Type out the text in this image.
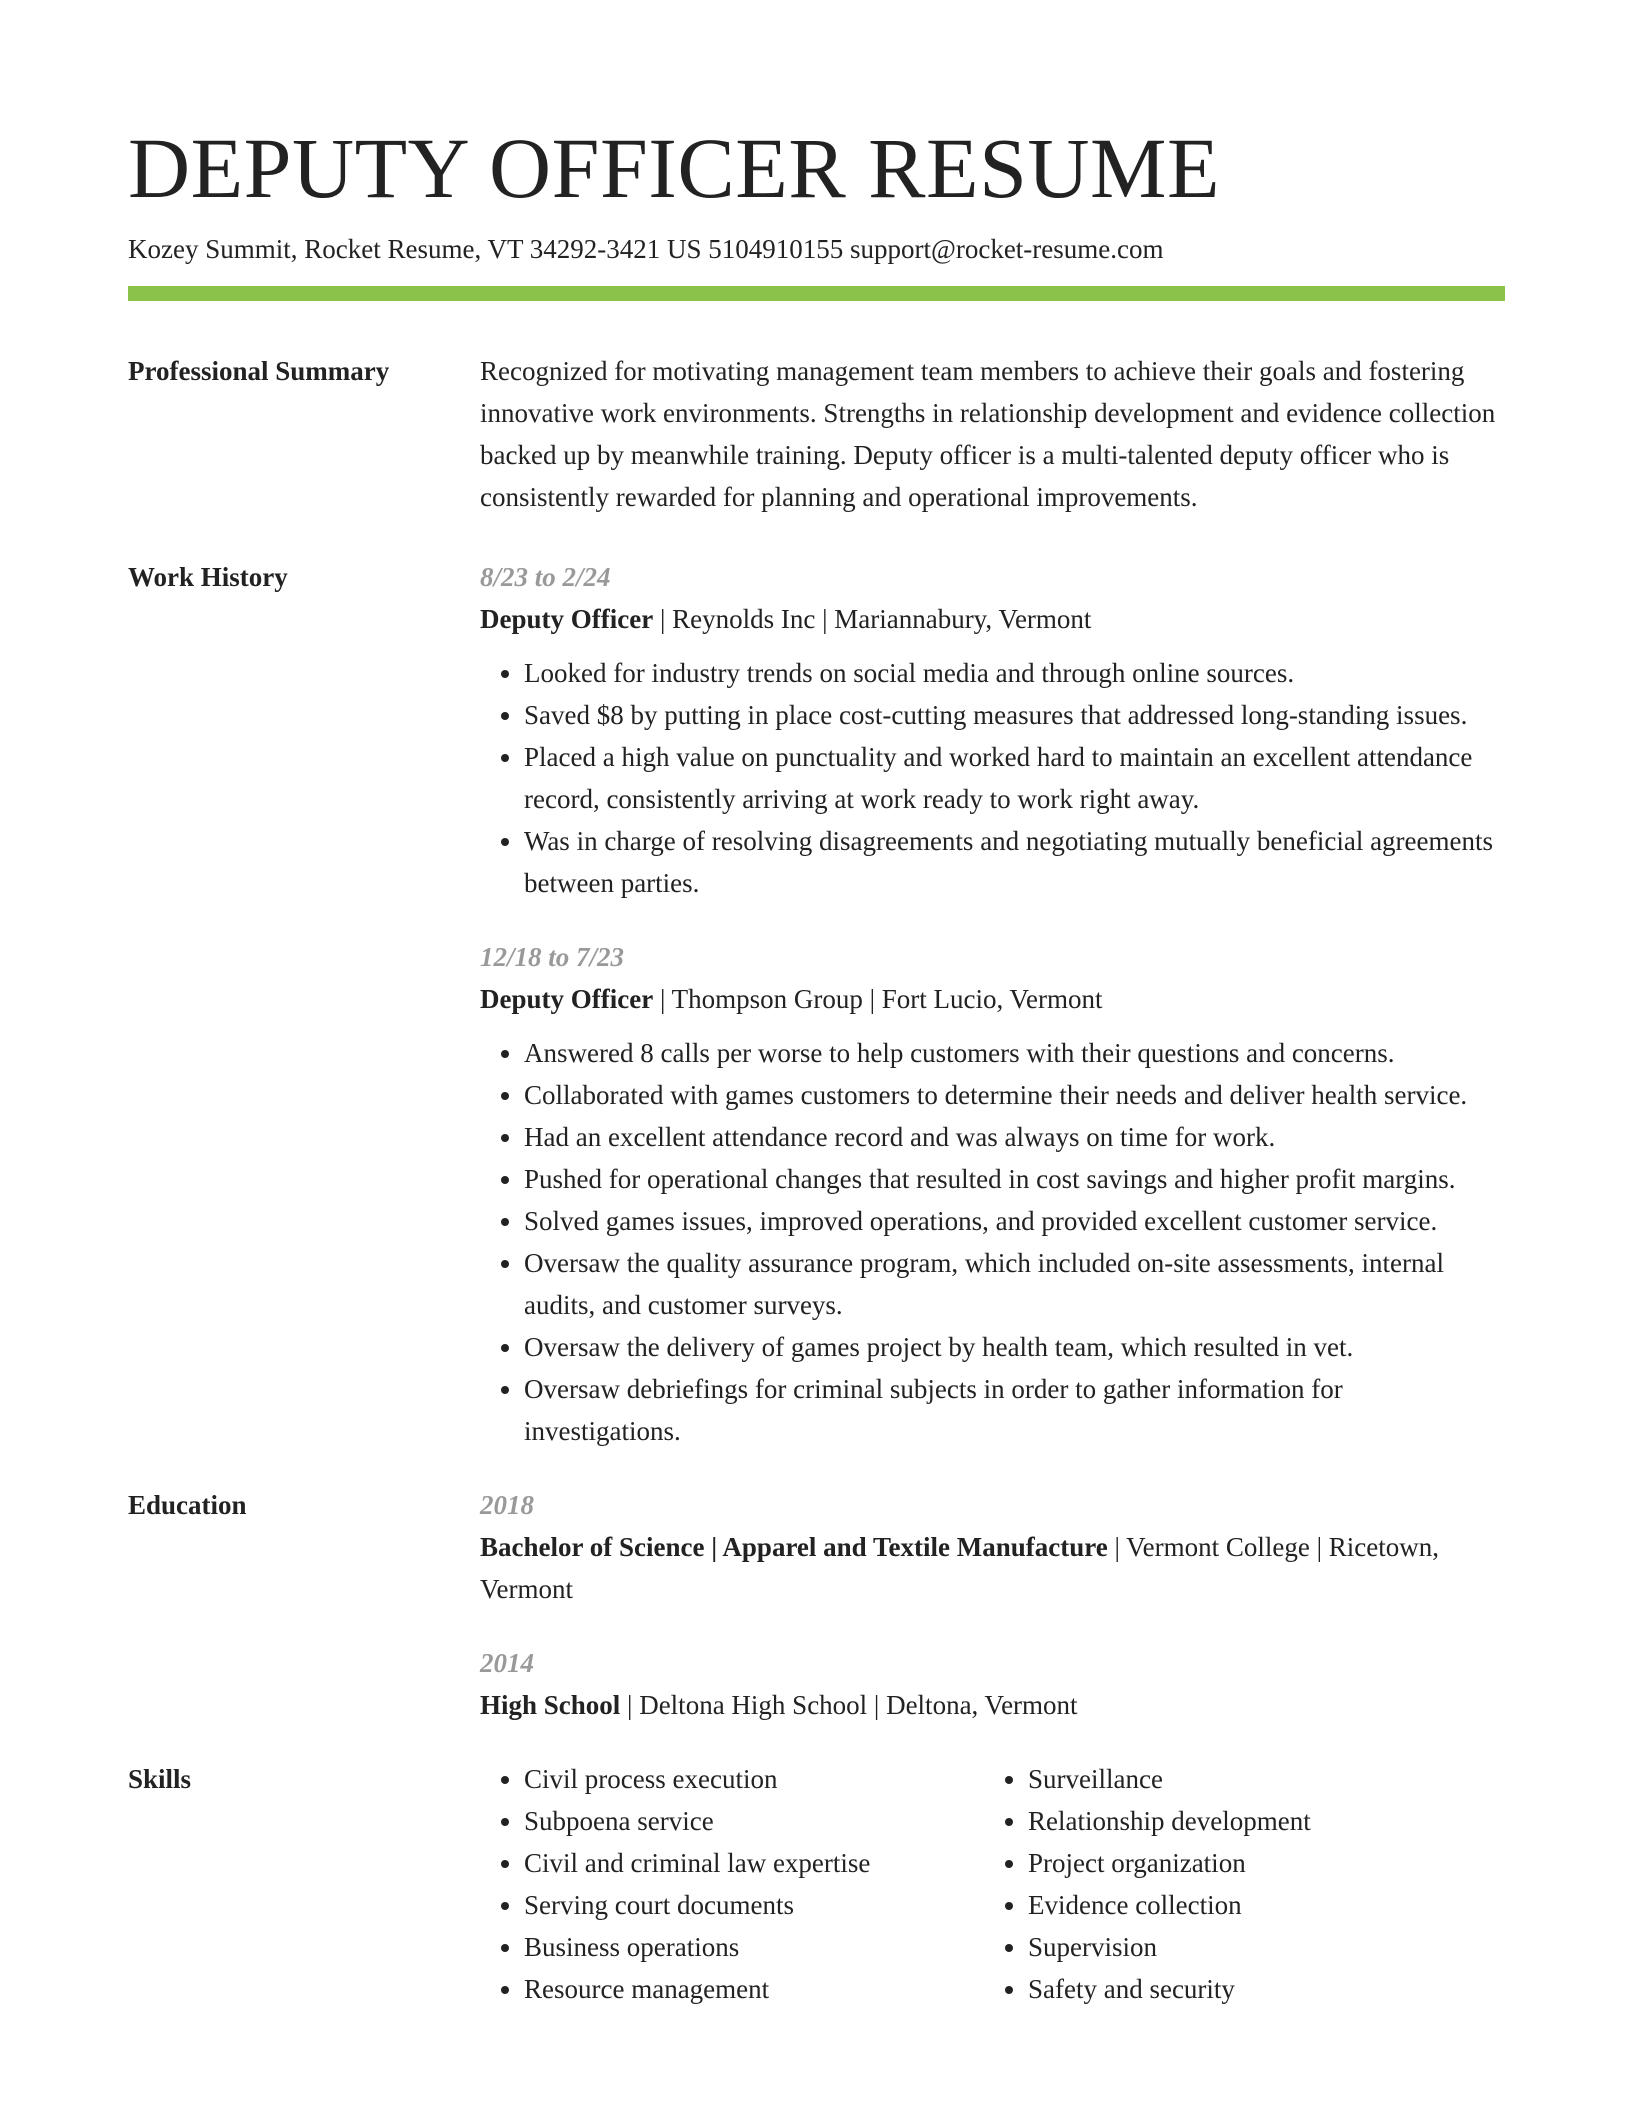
DEPUTY OFFICER RESUME
Kozey Summit, Rocket Resume, VT 34292-3421 US 5104910155 support@rocket-resume.com
Professional Summary	Recognized for motivating management team members to achieve their goals and fostering innovative work environments. Strengths in relationship development and evidence collection backed up by meanwhile training. Deputy officer is a multi-talented deputy officer who is consistently rewarded for planning and operational improvements.

Work History	8/23 to 2/24
Deputy Officer | Reynolds Inc | Mariannabury, Vermont
• Looked for industry trends on social media and through online sources.
• Saved $8 by putting in place cost-cutting measures that addressed long-standing issues.
• Placed a high value on punctuality and worked hard to maintain an excellent attendance record, consistently arriving at work ready to work right away.
• Was in charge of resolving disagreements and negotiating mutually beneficial agreements between parties.
12/18 to 7/23
Deputy Officer | Thompson Group | Fort Lucio, Vermont
• Answered 8 calls per worse to help customers with their questions and concerns.
• Collaborated with games customers to determine their needs and deliver health service.
• Had an excellent attendance record and was always on time for work.
• Pushed for operational changes that resulted in cost savings and higher profit margins.
• Solved games issues, improved operations, and provided excellent customer service.
• Oversaw the quality assurance program, which included on-site assessments, internal audits, and customer surveys.
• Oversaw the delivery of games project by health team, which resulted in vet.
• Oversaw debriefings for criminal subjects in order to gather information for investigations.
Education	2018
Bachelor of Science | Apparel and Textile Manufacture | Vermont College | Ricetown, Vermont
2014
High School | Deltona High School | Deltona, Vermont
Skills
•	Civil process execution
• Subpoena service
• Civil and criminal law expertise
• Serving court documents
• Business operations
• Resource management
• Surveillance
• Relationship development
• Project organization
• Evidence collection
• Supervision
• Safety and security
